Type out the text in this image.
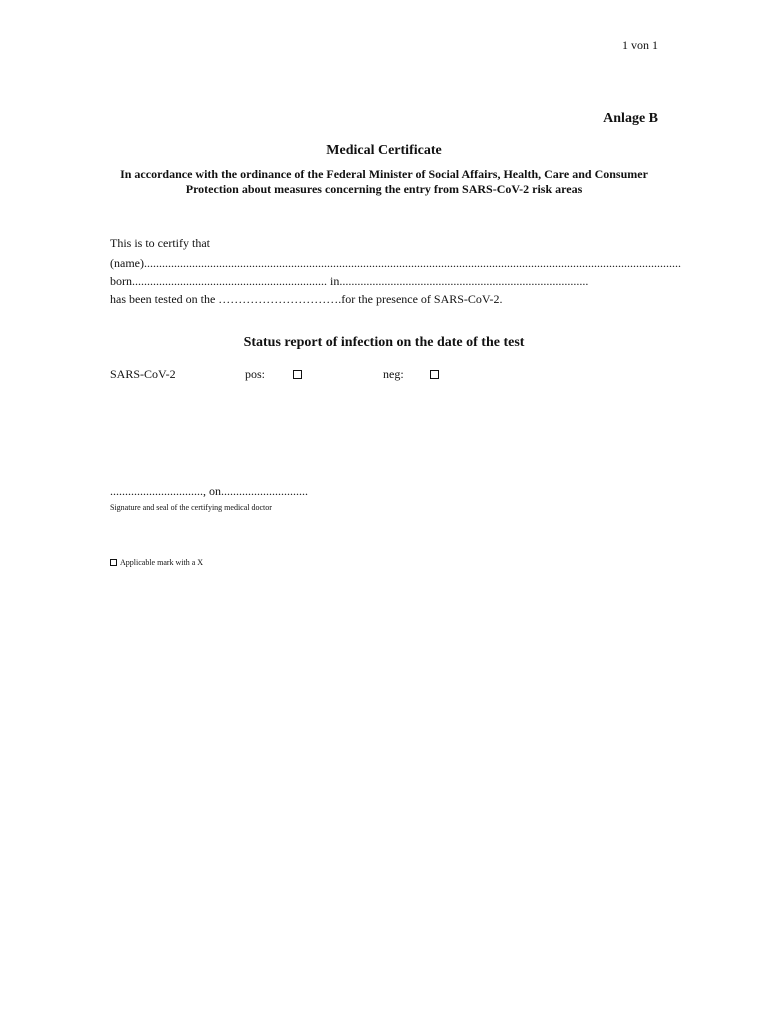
1 von 1
Anlage B
Medical Certificate
In accordance with the ordinance of the Federal Minister of Social Affairs, Health, Care and Consumer Protection about measures concerning the entry from SARS-CoV-2 risk areas
This is to certify that
(name)...................................................................................................................................................................................
born................................................................. in...................................................................................
has been tested on the ………………………….for the presence of SARS-CoV-2.
Status report of infection on the date of the test
SARS-CoV-2	pos:	neg:
..............................., on.............................
Signature and seal of the certifying medical doctor
Applicable mark with a X
